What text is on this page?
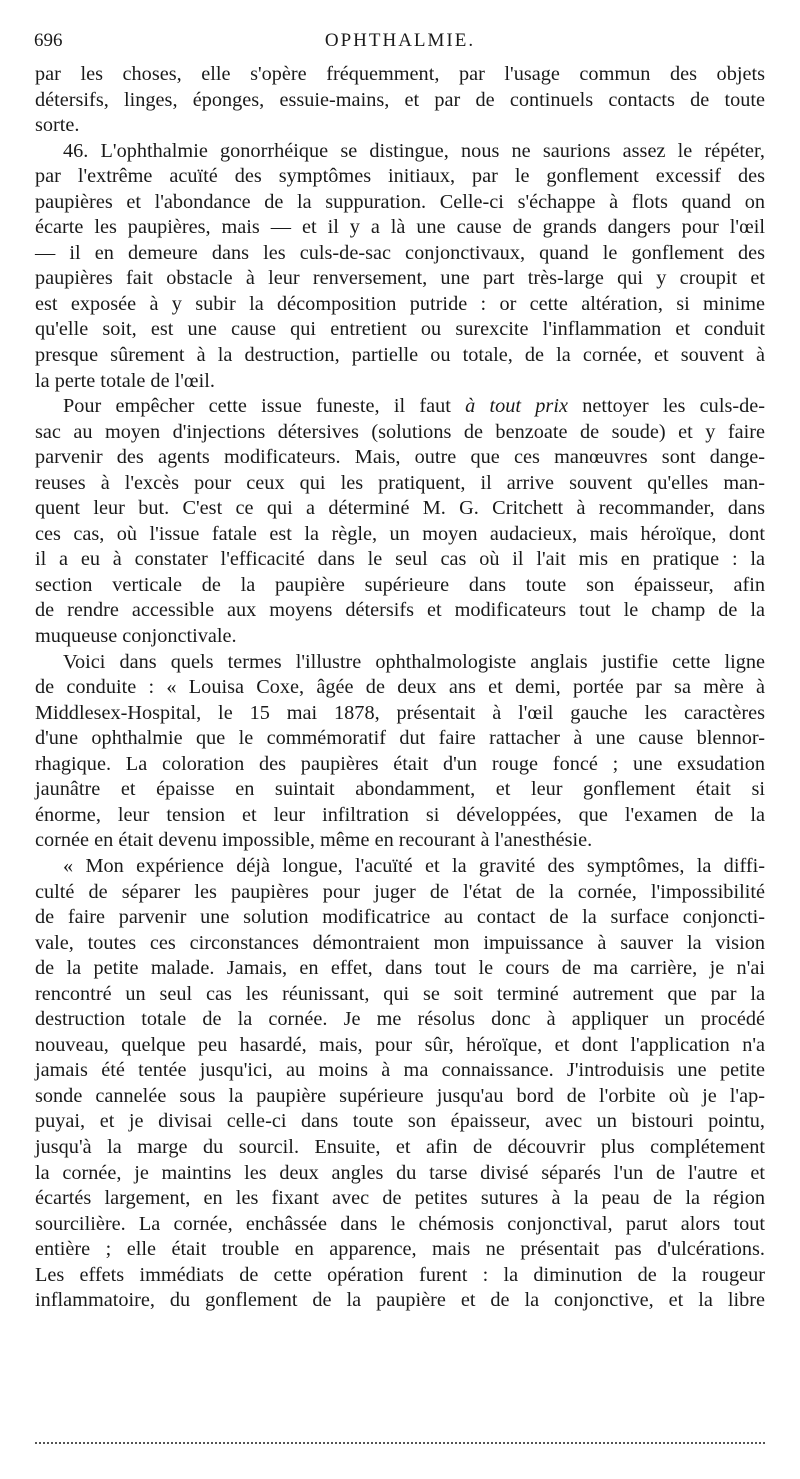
696	OPHTHALMIE.
par les choses, elle s'opère fréquemment, par l'usage commun des objets
détersifs, linges, éponges, essuie-mains, et par de continuels contacts de toute
sorte.
46. L'ophthalmie gonorrhéique se distingue, nous ne saurions assez le répéter,
par l'extrême acuïté des symptômes initiaux, par le gonflement excessif des
paupières et l'abondance de la suppuration. Celle-ci s'échappe à flots quand on
écarte les paupières, mais — et il y a là une cause de grands dangers pour l'œil
— il en demeure dans les culs-de-sac conjonctivaux, quand le gonflement des
paupières fait obstacle à leur renversement, une part très-large qui y croupit et
est exposée à y subir la décomposition putride : or cette altération, si minime
qu'elle soit, est une cause qui entretient ou surexcite l'inflammation et conduit
presque sûrement à la destruction, partielle ou totale, de la cornée, et souvent à
la perte totale de l'œil.
Pour empêcher cette issue funeste, il faut à tout prix nettoyer les culs-de-
sac au moyen d'injections détersives (solutions de benzoate de soude) et y faire
parvenir des agents modificateurs. Mais, outre que ces manœuvres sont dange-
reuses à l'excès pour ceux qui les pratiquent, il arrive souvent qu'elles man-
quent leur but. C'est ce qui a déterminé M. G. Critchett à recommander, dans
ces cas, où l'issue fatale est la règle, un moyen audacieux, mais héroïque, dont
il a eu à constater l'efficacité dans le seul cas où il l'ait mis en pratique : la
section verticale de la paupière supérieure dans toute son épaisseur, afin
de rendre accessible aux moyens détersifs et modificateurs tout le champ de la
muqueuse conjonctivale.
Voici dans quels termes l'illustre ophthalmologiste anglais justifie cette ligne
de conduite : « Louisa Coxe, âgée de deux ans et demi, portée par sa mère à
Middlesex-Hospital, le 15 mai 1878, présentait à l'œil gauche les caractères
d'une ophthalmie que le commémoratif dut faire rattacher à une cause blennor-
rhagique. La coloration des paupières était d'un rouge foncé ; une exsudation
jaunâtre et épaisse en suintait abondamment, et leur gonflement était si
énorme, leur tension et leur infiltration si développées, que l'examen de la
cornée en était devenu impossible, même en recourant à l'anesthésie.
« Mon expérience déjà longue, l'acuïté et la gravité des symptômes, la diffi-
culté de séparer les paupières pour juger de l'état de la cornée, l'impossibilité
de faire parvenir une solution modificatrice au contact de la surface conjoncti-
vale, toutes ces circonstances démontraient mon impuissance à sauver la vision
de la petite malade. Jamais, en effet, dans tout le cours de ma carrière, je n'ai
rencontré un seul cas les réunissant, qui se soit terminé autrement que par la
destruction totale de la cornée. Je me résolus donc à appliquer un procédé
nouveau, quelque peu hasardé, mais, pour sûr, héroïque, et dont l'application n'a
jamais été tentée jusqu'ici, au moins à ma connaissance. J'introduisis une petite
sonde cannelée sous la paupière supérieure jusqu'au bord de l'orbite où je l'ap-
puyai, et je divisai celle-ci dans toute son épaisseur, avec un bistouri pointu,
jusqu'à la marge du sourcil. Ensuite, et afin de découvrir plus complétement
la cornée, je maintins les deux angles du tarse divisé séparés l'un de l'autre et
écartés largement, en les fixant avec de petites sutures à la peau de la région
sourcilière. La cornée, enchâssée dans le chémosis conjonctival, parut alors tout
entière ; elle était trouble en apparence, mais ne présentait pas d'ulcérations.
Les effets immédiats de cette opération furent : la diminution de la rougeur
inflammatoire, du gonflement de la paupière et de la conjonctive, et la libre
